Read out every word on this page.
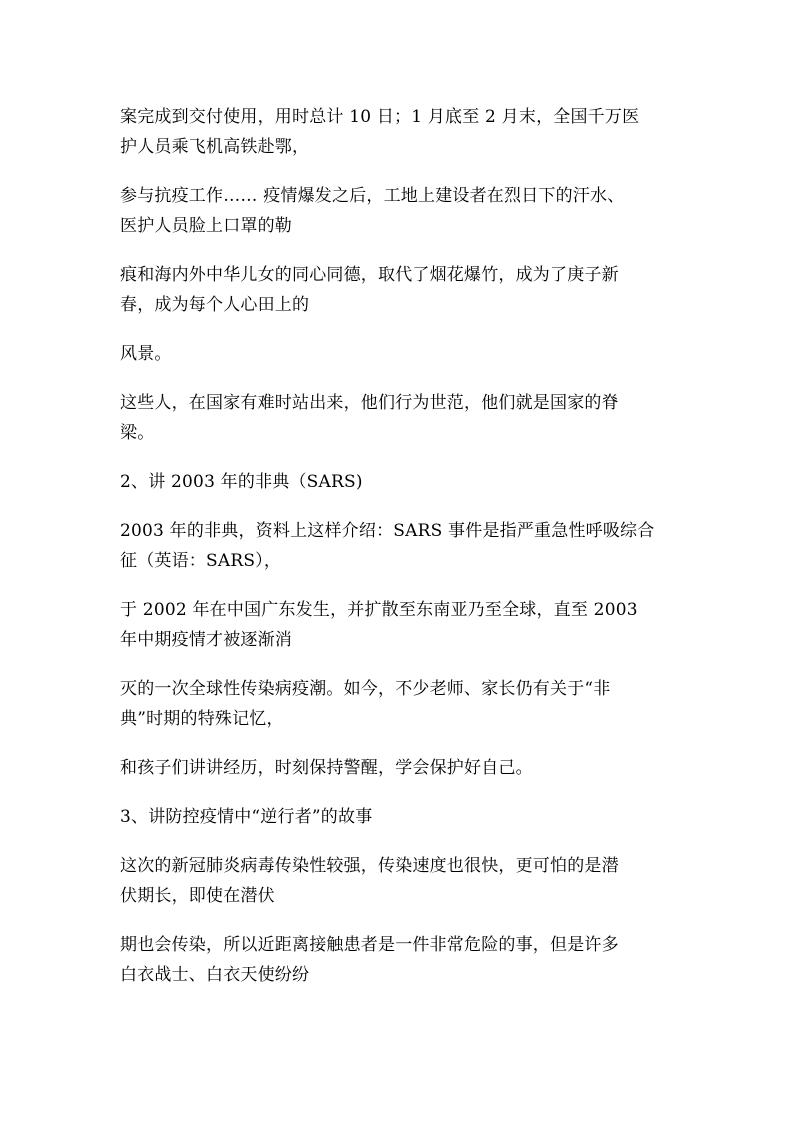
案完成到交付使用，用时总计 10 日；1 月底至 2 月末，全国千万医
护人员乘飞机高铁赴鄂，

参与抗疫工作…… 疫情爆发之后，工地上建设者在烈日下的汗水、
医护人员脸上口罩的勒

痕和海内外中华儿女的同心同德，取代了烟花爆竹，成为了庚子新
春，成为每个人心田上的

风景。

这些人，在国家有难时站出来，他们行为世范，他们就是国家的脊
梁。

2、讲 2003 年的非典（SARS)

2003 年的非典，资料上这样介绍：SARS 事件是指严重急性呼吸综合
征（英语：SARS），

于 2002 年在中国广东发生，并扩散至东南亚乃至全球，直至 2003
年中期疫情才被逐渐消

灭的一次全球性传染病疫潮。如今，不少老师、家长仍有关于“非
典”时期的特殊记忆，

和孩子们讲讲经历，时刻保持警醒，学会保护好自己。

3、讲防控疫情中“逆行者”的故事

这次的新冠肺炎病毒传染性较强，传染速度也很快，更可怕的是潜
伏期长，即使在潜伏

期也会传染，所以近距离接触患者是一件非常危险的事，但是许多
白衣战士、白衣天使纷纷
